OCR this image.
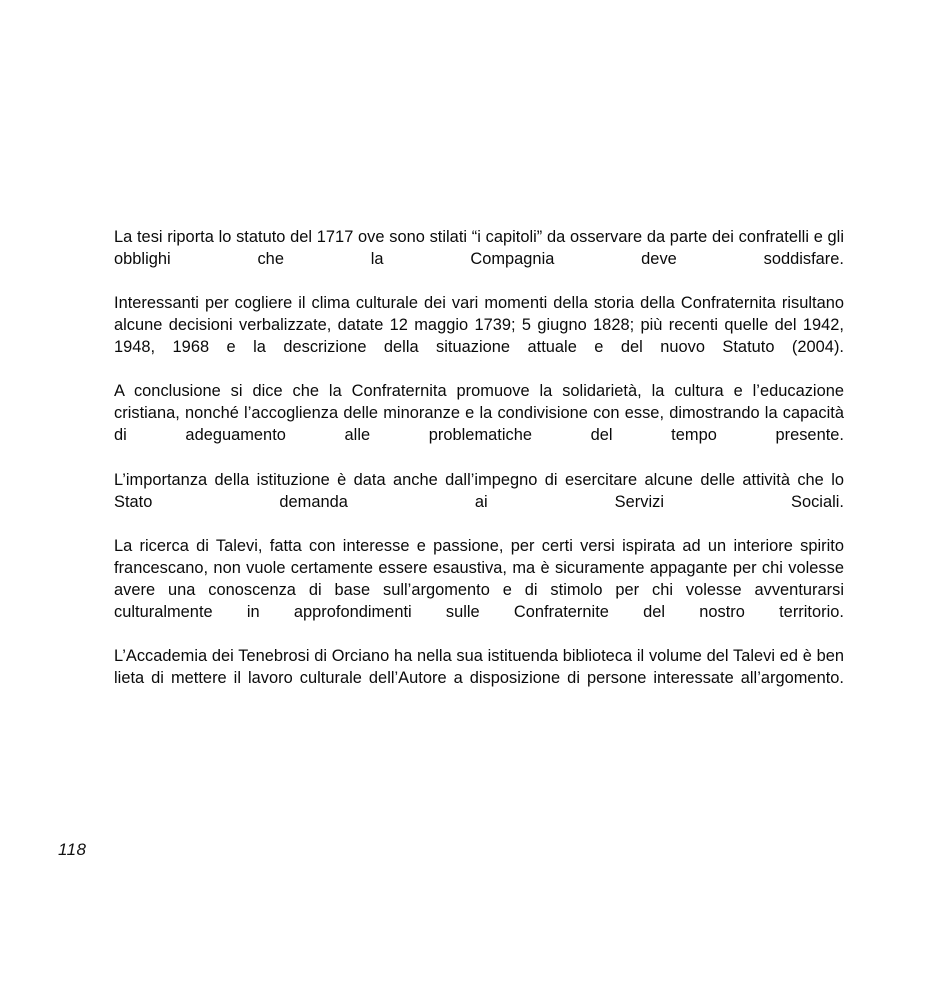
La tesi riporta lo statuto del 1717 ove sono stilati “i capitoli” da osservare da parte dei confratelli e gli obblighi che la Compagnia deve soddisfare.

Interessanti per cogliere il clima culturale dei vari momenti della storia della Confraternita risultano alcune decisioni verbalizzate, datate 12 maggio 1739; 5 giugno 1828; più recenti quelle del 1942, 1948, 1968 e la descrizione della situazione attuale e del nuovo Statuto (2004).

A conclusione si dice che la Confraternita promuove la solidarietà, la cultura e l’educazione cristiana, nonché l’accoglienza delle minoranze e la condivisione con esse, dimostrando la capacità di adeguamento alle problematiche del tempo presente.

L’importanza della istituzione è data anche dall’impegno di esercitare alcune delle attività che lo Stato demanda ai Servizi Sociali.

La ricerca di Talevi, fatta con interesse e passione, per certi versi ispirata ad un interiore spirito francescano, non vuole certamente essere esaustiva, ma è sicuramente appagante per chi volesse avere una conoscenza di base sull’argomento e di stimolo per chi volesse avventurarsi culturalmente in approfondimenti sulle Confraternite del nostro territorio.

L’Accademia dei Tenebrosi di Orciano ha nella sua istituenda biblioteca il volume del Talevi ed è ben lieta di mettere il lavoro culturale dell’Autore a disposizione di persone interessate all’argomento.

118
